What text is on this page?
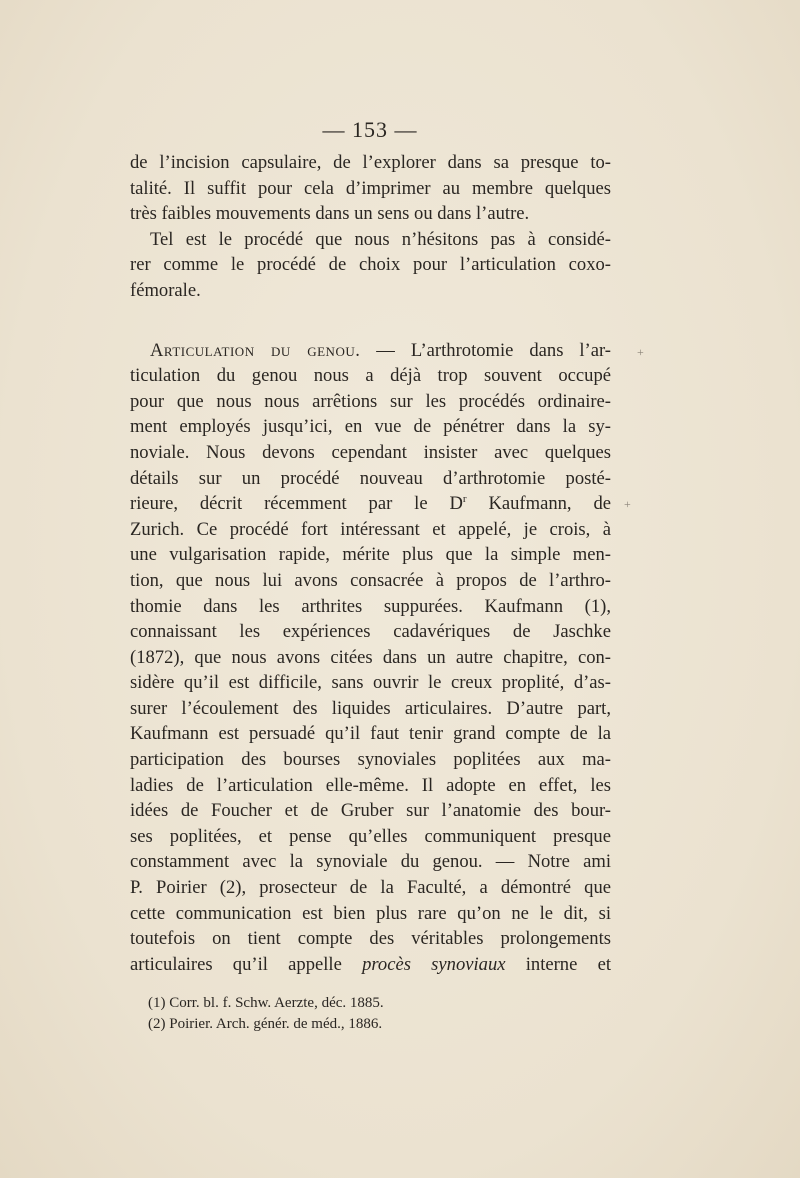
— 153 —
de l’incision capsulaire, de l’explorer dans sa presque to-
talité. Il suffit pour cela d’imprimer au membre quelques
très faibles mouvements dans un sens ou dans l’autre.
Tel est le procédé que nous n’hésitons pas à considé-
rer comme le procédé de choix pour l’articulation coxo-
fémorale.
Articulation du genou. — L’arthrotomie dans l’ar-
ticulation du genou nous a déjà trop souvent occupé
pour que nous nous arrêtions sur les procédés ordinaire-
ment employés jusqu’ici, en vue de pénétrer dans la sy-
noviale. Nous devons cependant insister avec quelques
détails sur un procédé nouveau d’arthrotomie posté-
rieure, décrit récemment par le $D^r$ Kaufmann, de
Zurich. Ce procédé fort intéressant et appelé, je crois, à
une vulgarisation rapide, mérite plus que la simple men-
tion, que nous lui avons consacrée à propos de l’arthro-
thomie dans les arthrites suppurées. Kaufmann (1),
connaissant les expériences cadavériques de Jaschke
(1872), que nous avons citées dans un autre chapitre, con-
sidère qu’il est difficile, sans ouvrir le creux proplité, d’as-
surer l’écoulement des liquides articulaires. D’autre part,
Kaufmann est persuadé qu’il faut tenir grand compte de la
participation des bourses synoviales poplitées aux ma-
ladies de l’articulation elle-même. Il adopte en effet, les
idées de Foucher et de Gruber sur l’anatomie des bour-
ses poplitées, et pense qu’elles communiquent presque
constamment avec la synoviale du genou. — Notre ami
P. Poirier (2), prosecteur de la Faculté, a démontré que
cette communication est bien plus rare qu’on ne le dit, si
toutefois on tient compte des véritables prolongements
articulaires qu’il appelle procès synoviaux interne et
(1) Corr. bl. f. Schw. Aerzte, déc. 1885.
(2) Poirier. Arch. génér. de méd., 1886.
+
+
